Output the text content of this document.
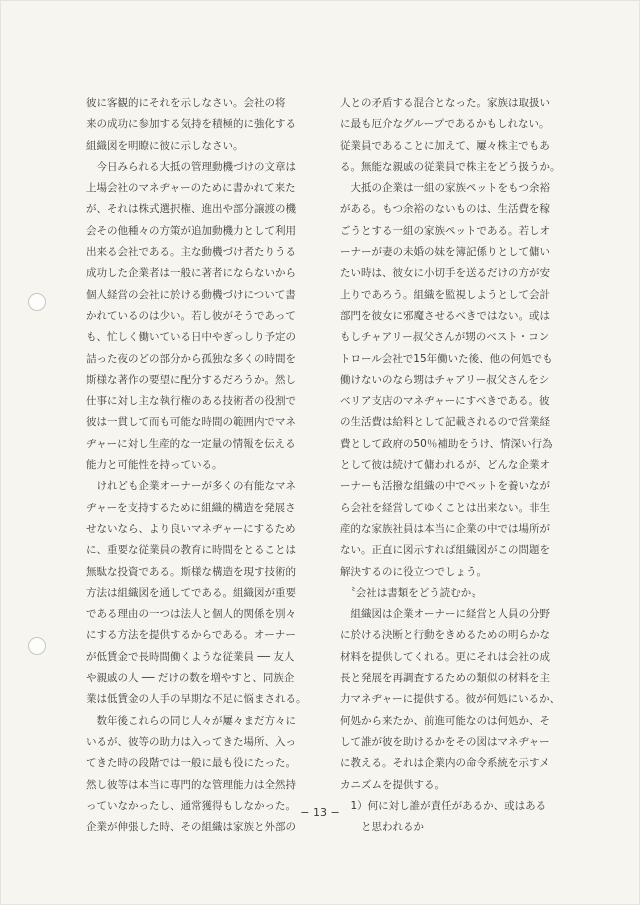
彼に客観的にそれを示しなさい。会社の将
来の成功に参加する気持を積極的に強化する
組織図を明瞭に彼に示しなさい。
　今日みられる大抵の管理動機づけの文章は
上場会社のマネヂャーのために書かれて来た
が、それは株式選択権、進出や部分譲渡の機
会その他種々の方策が追加動機力として利用
出来る会社である。主な動機づけ者たりうる
成功した企業者は一般に著者にならないから
個人経営の会社に於ける動機づけについて書
かれているのは少い。若し彼がそうであって
も、忙しく働いている日中やぎっしり予定の
詰った夜のどの部分から孤独な多くの時間を
斯様な著作の要望に配分するだろうか。然し
仕事に対し主な執行権のある技術者の役割で
彼は一貫して而も可能な時間の範囲内でマネ
ヂャーに対し生産的な一定量の情報を伝える
能力と可能性を持っている。
　けれども企業オーナーが多くの有能なマネ
ヂャーを支持するために組織的構造を発展さ
せないなら、より良いマネヂャーにするため
に、重要な従業員の教育に時間をとることは
無駄な投資である。斯様な構造を現す技術的
方法は組織図を通してである。組織図が重要
である理由の一つは法人と個人的関係を別々
にする方法を提供するからである。オーナー
が低賃金で長時間働くような従業員 ── 友人
や親戚の人 ── だけの数を増やすと、同族企
業は低賃金の人手の早期な不足に悩まされる。
　数年後これらの同じ人々が屢々まだ方々に
いるが、彼等の助力は入ってきた場所、入っ
てきた時の段階では一般に最も役にたった。
然し彼等は本当に専門的な管理能力は全然持
っていなかったし、通常獲得もしなかった。
企業が伸張した時、その組織は家族と外部の
人との矛盾する混合となった。家族は取扱い
に最も厄介なグループであるかもしれない。
従業員であることに加えて、屢々株主でもあ
る。無能な親戚の従業員で株主をどう扱うか。
　大抵の企業は一組の家族ペットをもつ余裕
がある。もつ余裕のないものは、生活費を稼
ごうとする一組の家族ペットである。若しオ
ーナーが妻の未婚の妹を簿記係りとして傭い
たい時は、彼女に小切手を送るだけの方が安
上りであろう。組織を監視しようとして会計
部門を彼女に邪魔させるべきではない。或は
もしチャアリー叔父さんが甥のベスト・コン
トロール会社で15年働いた後、他の何処でも
働けないのなら甥はチャアリー叔父さんをシ
ベリア支店のマネヂャーにすべきである。彼
の生活費は給料として記載されるので営業経
費として政府の50％補助をうけ、情深い行為
として彼は続けて傭われるが、どんな企業オ
ーナーも活撥な組織の中でペットを養いなが
ら会社を経営してゆくことは出来ない。非生
産的な家族社員は本当に企業の中では場所が
ない。正直に図示すれば組織図がこの問題を
解決するのに役立つでしょう。
　〝会社は書類をどう読むか〟
　組織図は企業オーナーに経営と人員の分野
に於ける決断と行動をきめるための明らかな
材料を提供してくれる。更にそれは会社の成
長と発展を再調査するための類似の材料を主
力マネヂャーに提供する。彼が何処にいるか、
何処から来たか、前進可能なのは何処か、そ
して誰が彼を助けるかをその図はマネヂャー
に教える。それは企業内の命令系統を示すメ
カニズムを提供する。
　1）何に対し誰が責任があるか、或はある
　　と思われるか
− 13 −
